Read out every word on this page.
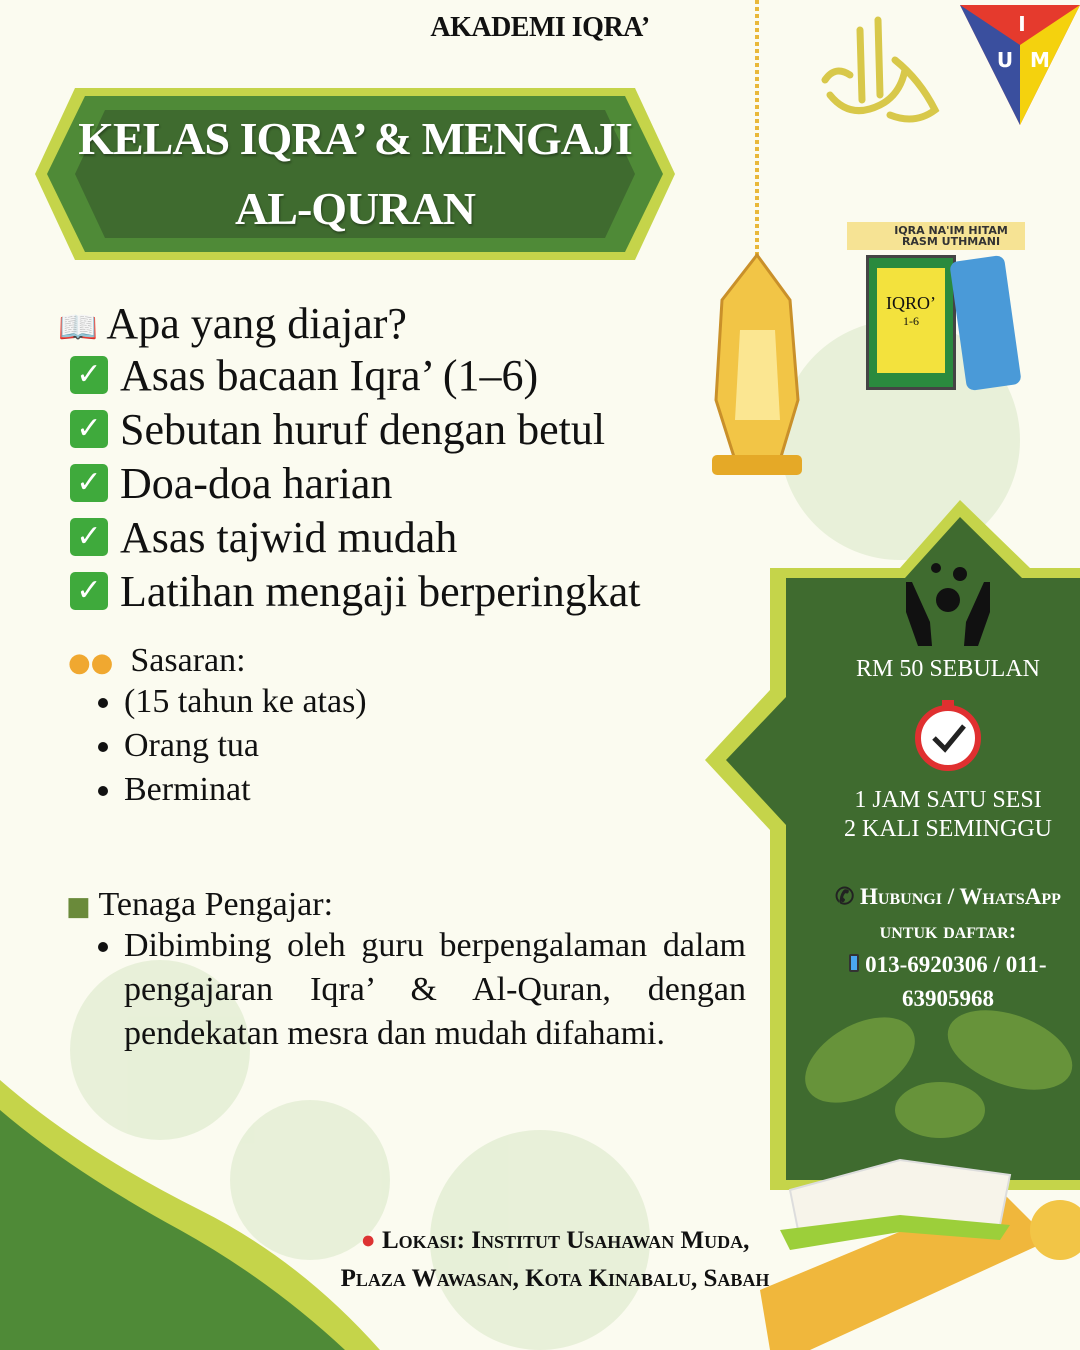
AKADEMI IQRA’	I
U M
KELAS IQRA’ & MENGAJI
AL-QURAN	IQRA NA'IM HITAM
RASM UTHMANI
IQRO’
1-6
📖 Apa yang diajar?
✓ Asas bacaan Iqra’ (1–6)
✓ Sebutan huruf dengan betul
✓ Doa-doa harian
✓ Asas tajwid mudah
✓ Latihan mengaji berperingkat
●● Sasaran:
• (15 tahun ke atas)
• Orang tua
• Berminat
■ Tenaga Pengajar:
• Dibimbing oleh guru berpengalaman dalam pengajaran Iqra’ & Al-Quran, dengan pendekatan mesra dan mudah difahami.
RM 50 SEBULAN
1 JAM SATU SESI
2 KALI SEMINGGU
✆ Hubungi / WhatsApp
untuk daftar:
013-6920306 / 011-
63905968
● Lokasi: Institut Usahawan Muda,
Plaza Wawasan, Kota Kinabalu, Sabah
